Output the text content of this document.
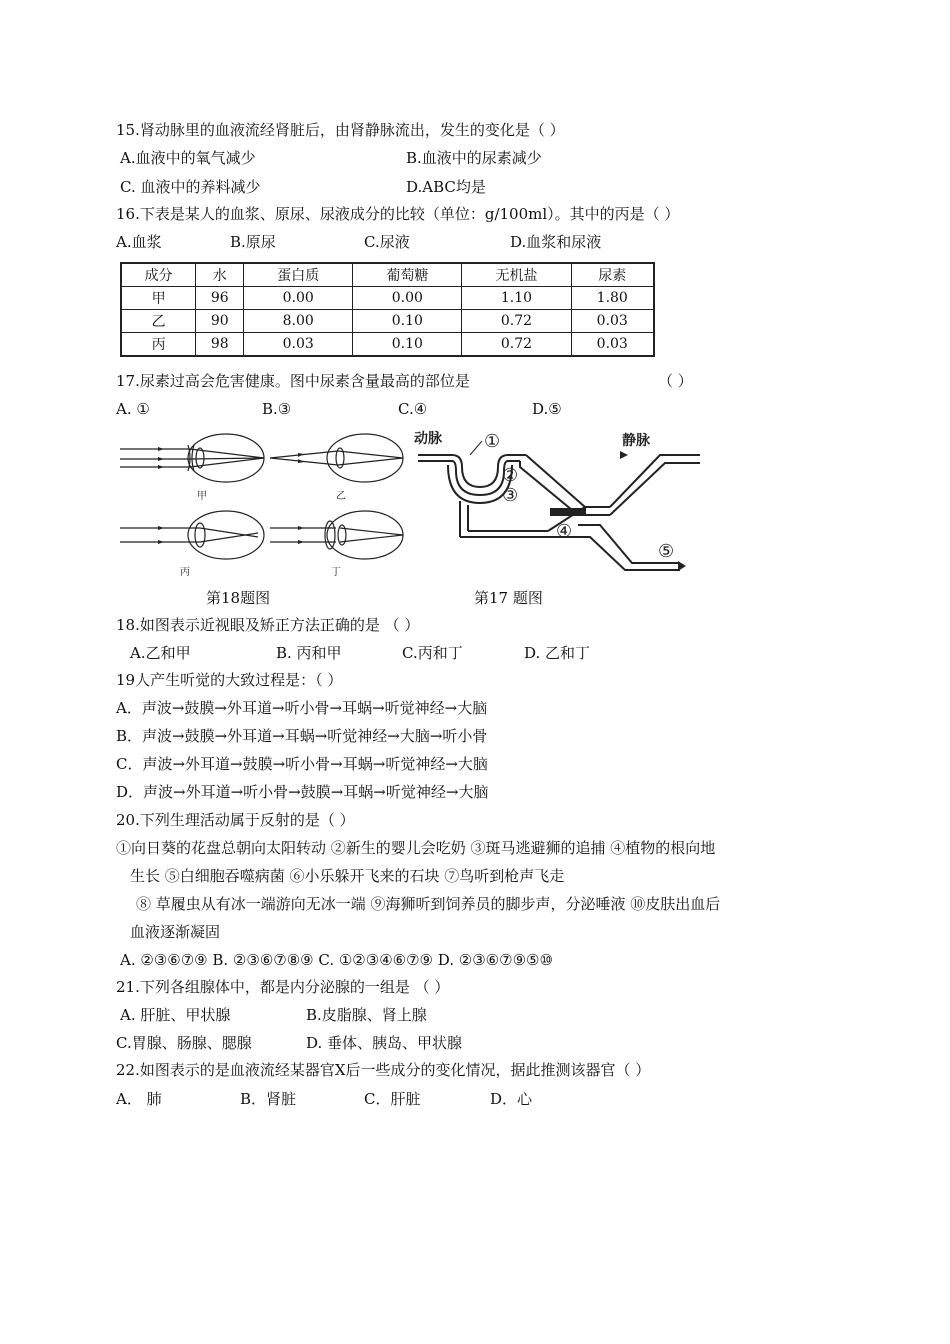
15.肾动脉里的血液流经肾脏后，由肾静脉流出，发生的变化是（ ）
A.血液中的氧气减少	B.血液中的尿素减少
C. 血液中的养料减少	D.ABC均是
16.下表是某人的血浆、原尿、尿液成分的比较（单位：g/100ml）。其中的丙是（ ）
A.血浆	B.原尿	C.尿液	D.血浆和尿液
成分	水	蛋白质	葡萄糖	无机盐	尿素
甲	96	0.00	0.00	1.10	1.80
乙	90	8.00	0.10	0.72	0.03
丙	98	0.03	0.10	0.72	0.03
17.尿素过高会危害健康。图中尿素含量最高的部位是	（ ）
A. ①	B.③	C.④	D.⑤
甲	乙
丙	丁
动脉	静脉
①
②
③
④
⑤
第18题图	第17 题图
18.如图表示近视眼及矫正方法正确的是 （ ）
A.乙和甲	B. 丙和甲	C.丙和丁	D. 乙和丁
19人产生听觉的大致过程是：（ ）
A．声波→鼓膜→外耳道→听小骨→耳蜗→听觉神经→大脑
B．声波→鼓膜→外耳道→耳蜗→听觉神经→大脑→听小骨
C．声波→外耳道→鼓膜→听小骨→耳蜗→听觉神经→大脑
D．声波→外耳道→听小骨→鼓膜→耳蜗→听觉神经→大脑
20.下列生理活动属于反射的是（ ）
①向日葵的花盘总朝向太阳转动 ②新生的婴儿会吃奶 ③斑马逃避狮的追捕 ④植物的根向地
生长 ⑤白细胞吞噬病菌 ⑥小乐躲开飞来的石块 ⑦鸟听到枪声飞走
⑧ 草履虫从有冰一端游向无冰一端 ⑨海狮听到饲养员的脚步声，分泌唾液 ⑩皮肤出血后
血液逐渐凝固
A. ②③⑥⑦⑨ B. ②③⑥⑦⑧⑨ C. ①②③④⑥⑦⑨ D. ②③⑥⑦⑨⑤⑩
21.下列各组腺体中，都是内分泌腺的一组是 （ ）
A. 肝脏、甲状腺	B.皮脂腺、肾上腺
C.胃腺、肠腺、腮腺	D. 垂体、胰岛、甲状腺
22.如图表示的是血液流经某器官X后一些成分的变化情况，据此推测该器官（ ）
A． 肺	B．肾脏	C．肝脏	D．心
